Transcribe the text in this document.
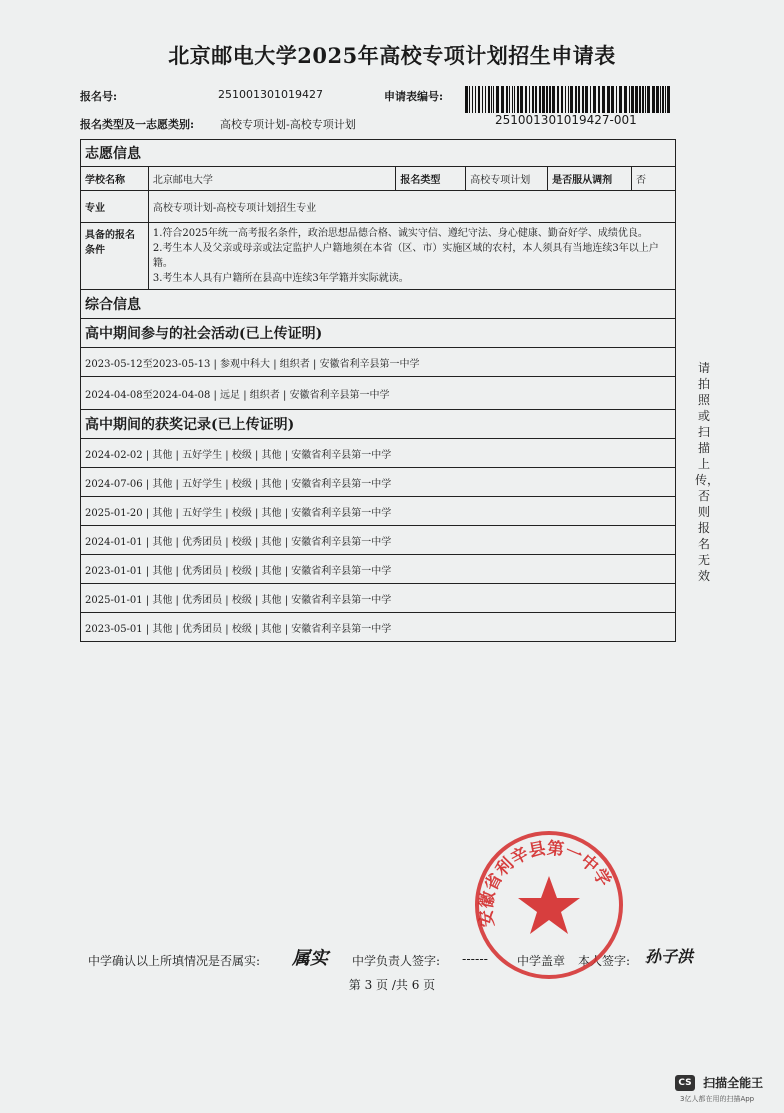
北京邮电大学2025年高校专项计划招生申请表
报名号:	251001301019427	申请表编号:
251001301019427-001
报名类型及一志愿类别: 高校专项计划-高校专项计划
志愿信息					
学校名称	北京邮电大学	报名类型	高校专项计划	是否服从调剂	否
专业	高校专项计划-高校专项计划招生专业				
具备的报名条件	1.符合2025年统一高考报名条件，政治思想品德合格、诚实守信、遵纪守法、身心健康、勤奋好学、成绩优良。
2.考生本人及父亲或母亲或法定监护人户籍地须在本省（区、市）实施区域的农村，本人须具有当地连续3年以上户籍。
3.考生本人具有户籍所在县高中连续3年学籍并实际就读。				

综合信息					
高中期间参与的社会活动(已上传证明)					
2023-05-12至2023-05-13 | 参观中科大 | 组织者 | 安徽省利辛县第一中学					
2024-04-08至2024-04-08 | 远足 | 组织者 | 安徽省利辛县第一中学					
高中期间的获奖记录(已上传证明)					
2024-02-02 | 其他 | 五好学生 | 校级 | 其他 | 安徽省利辛县第一中学					
2024-07-06 | 其他 | 五好学生 | 校级 | 其他 | 安徽省利辛县第一中学					
2025-01-20 | 其他 | 五好学生 | 校级 | 其他 | 安徽省利辛县第一中学					
2024-01-01 | 其他 | 优秀团员 | 校级 | 其他 | 安徽省利辛县第一中学					
2023-01-01 | 其他 | 优秀团员 | 校级 | 其他 | 安徽省利辛县第一中学					
2025-01-01 | 其他 | 优秀团员 | 校级 | 其他 | 安徽省利辛县第一中学					
2023-05-01 | 其他 | 优秀团员 | 校级 | 其他 | 安徽省利辛县第一中学					
请拍照或扫描上传，否则报名无效
中学确认以上所填情况是否属实: 属实 中学负责人签字: ------ 中学盖章 本人签字: 孙子洪
第 3 页 /共 6 页
安徽省利辛县第一中学
CS 扫描全能王
3亿人都在用的扫描App
